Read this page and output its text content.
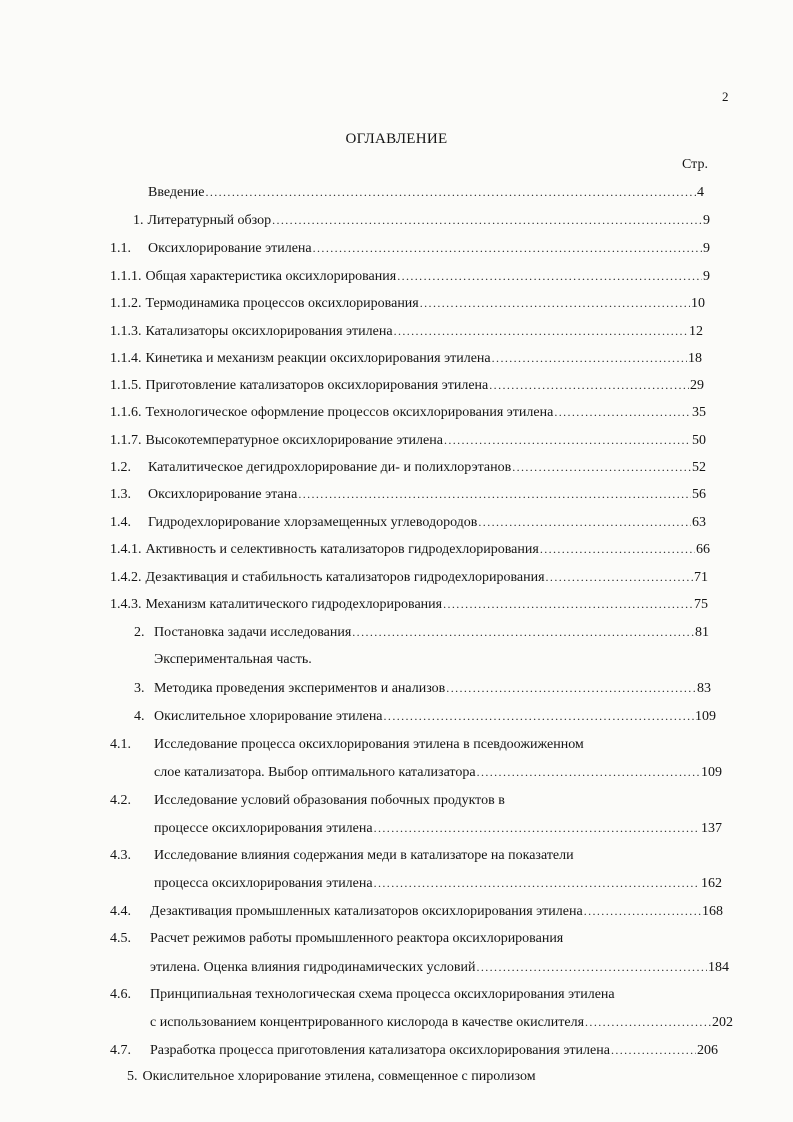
2
ОГЛАВЛЕНИЕ
Стр.
Введение .....	4
1. Литературный обзор .....	9
1.1. Оксихлорирование этилена .....	9
1.1.1. Общая характеристика оксихлорирования .....	9
1.1.2. Термодинамика процессов оксихлорирования .....	10
1.1.3. Катализаторы оксихлорирования этилена .....	12
1.1.4. Кинетика и механизм реакции оксихлорирования этилена .....	18
1.1.5. Приготовление катализаторов оксихлорирования этилена .....	29
1.1.6. Технологическое оформление процессов оксихлорирования этилена .....	35
1.1.7. Высокотемпературное оксихлорирование этилена .....	50
1.2. Каталитическое дегидрохлорирование ди- и полихлорэтанов .....	52
1.3. Оксихлорирование этана .....	56
1.4. Гидродехлорирование хлорзамещенных углеводородов .....	63
1.4.1. Активность и селективность катализаторов гидродехлорирования .....	66
1.4.2. Дезактивация и стабильность катализаторов гидродехлорирования .....	71
1.4.3. Механизм каталитического гидродехлорирования .....	75
2. Постановка задачи исследования .....	81
Экспериментальная часть.
3. Методика проведения экспериментов и анализов .....	83
4. Окислительное хлорирование этилена .....	109
4.1.	Исследование процесса оксихлорирования этилена в псевдоожиженном
слое катализатора. Выбор оптимального катализатора .....	109
4.2.	Исследование условий образования побочных продуктов в
процессе оксихлорирования этилена .....	137
4.3.	Исследование влияния содержания меди в катализаторе на показатели
процесса оксихлорирования этилена .....	162
4.4. Дезактивация промышленных катализаторов оксихлорирования этилена .....	168
4.5.	Расчет режимов работы промышленного реактора оксихлорирования
этилена. Оценка влияния гидродинамических условий .....	184
4.6.	Принципиальная технологическая схема процесса оксихлорирования этилена
с использованием концентрированного кислорода в качестве окислителя .....	202
4.7. Разработка процесса приготовления катализатора оксихлорирования этилена .....	206
5. Окислительное хлорирование этилена, совмещенное с пиролизом
